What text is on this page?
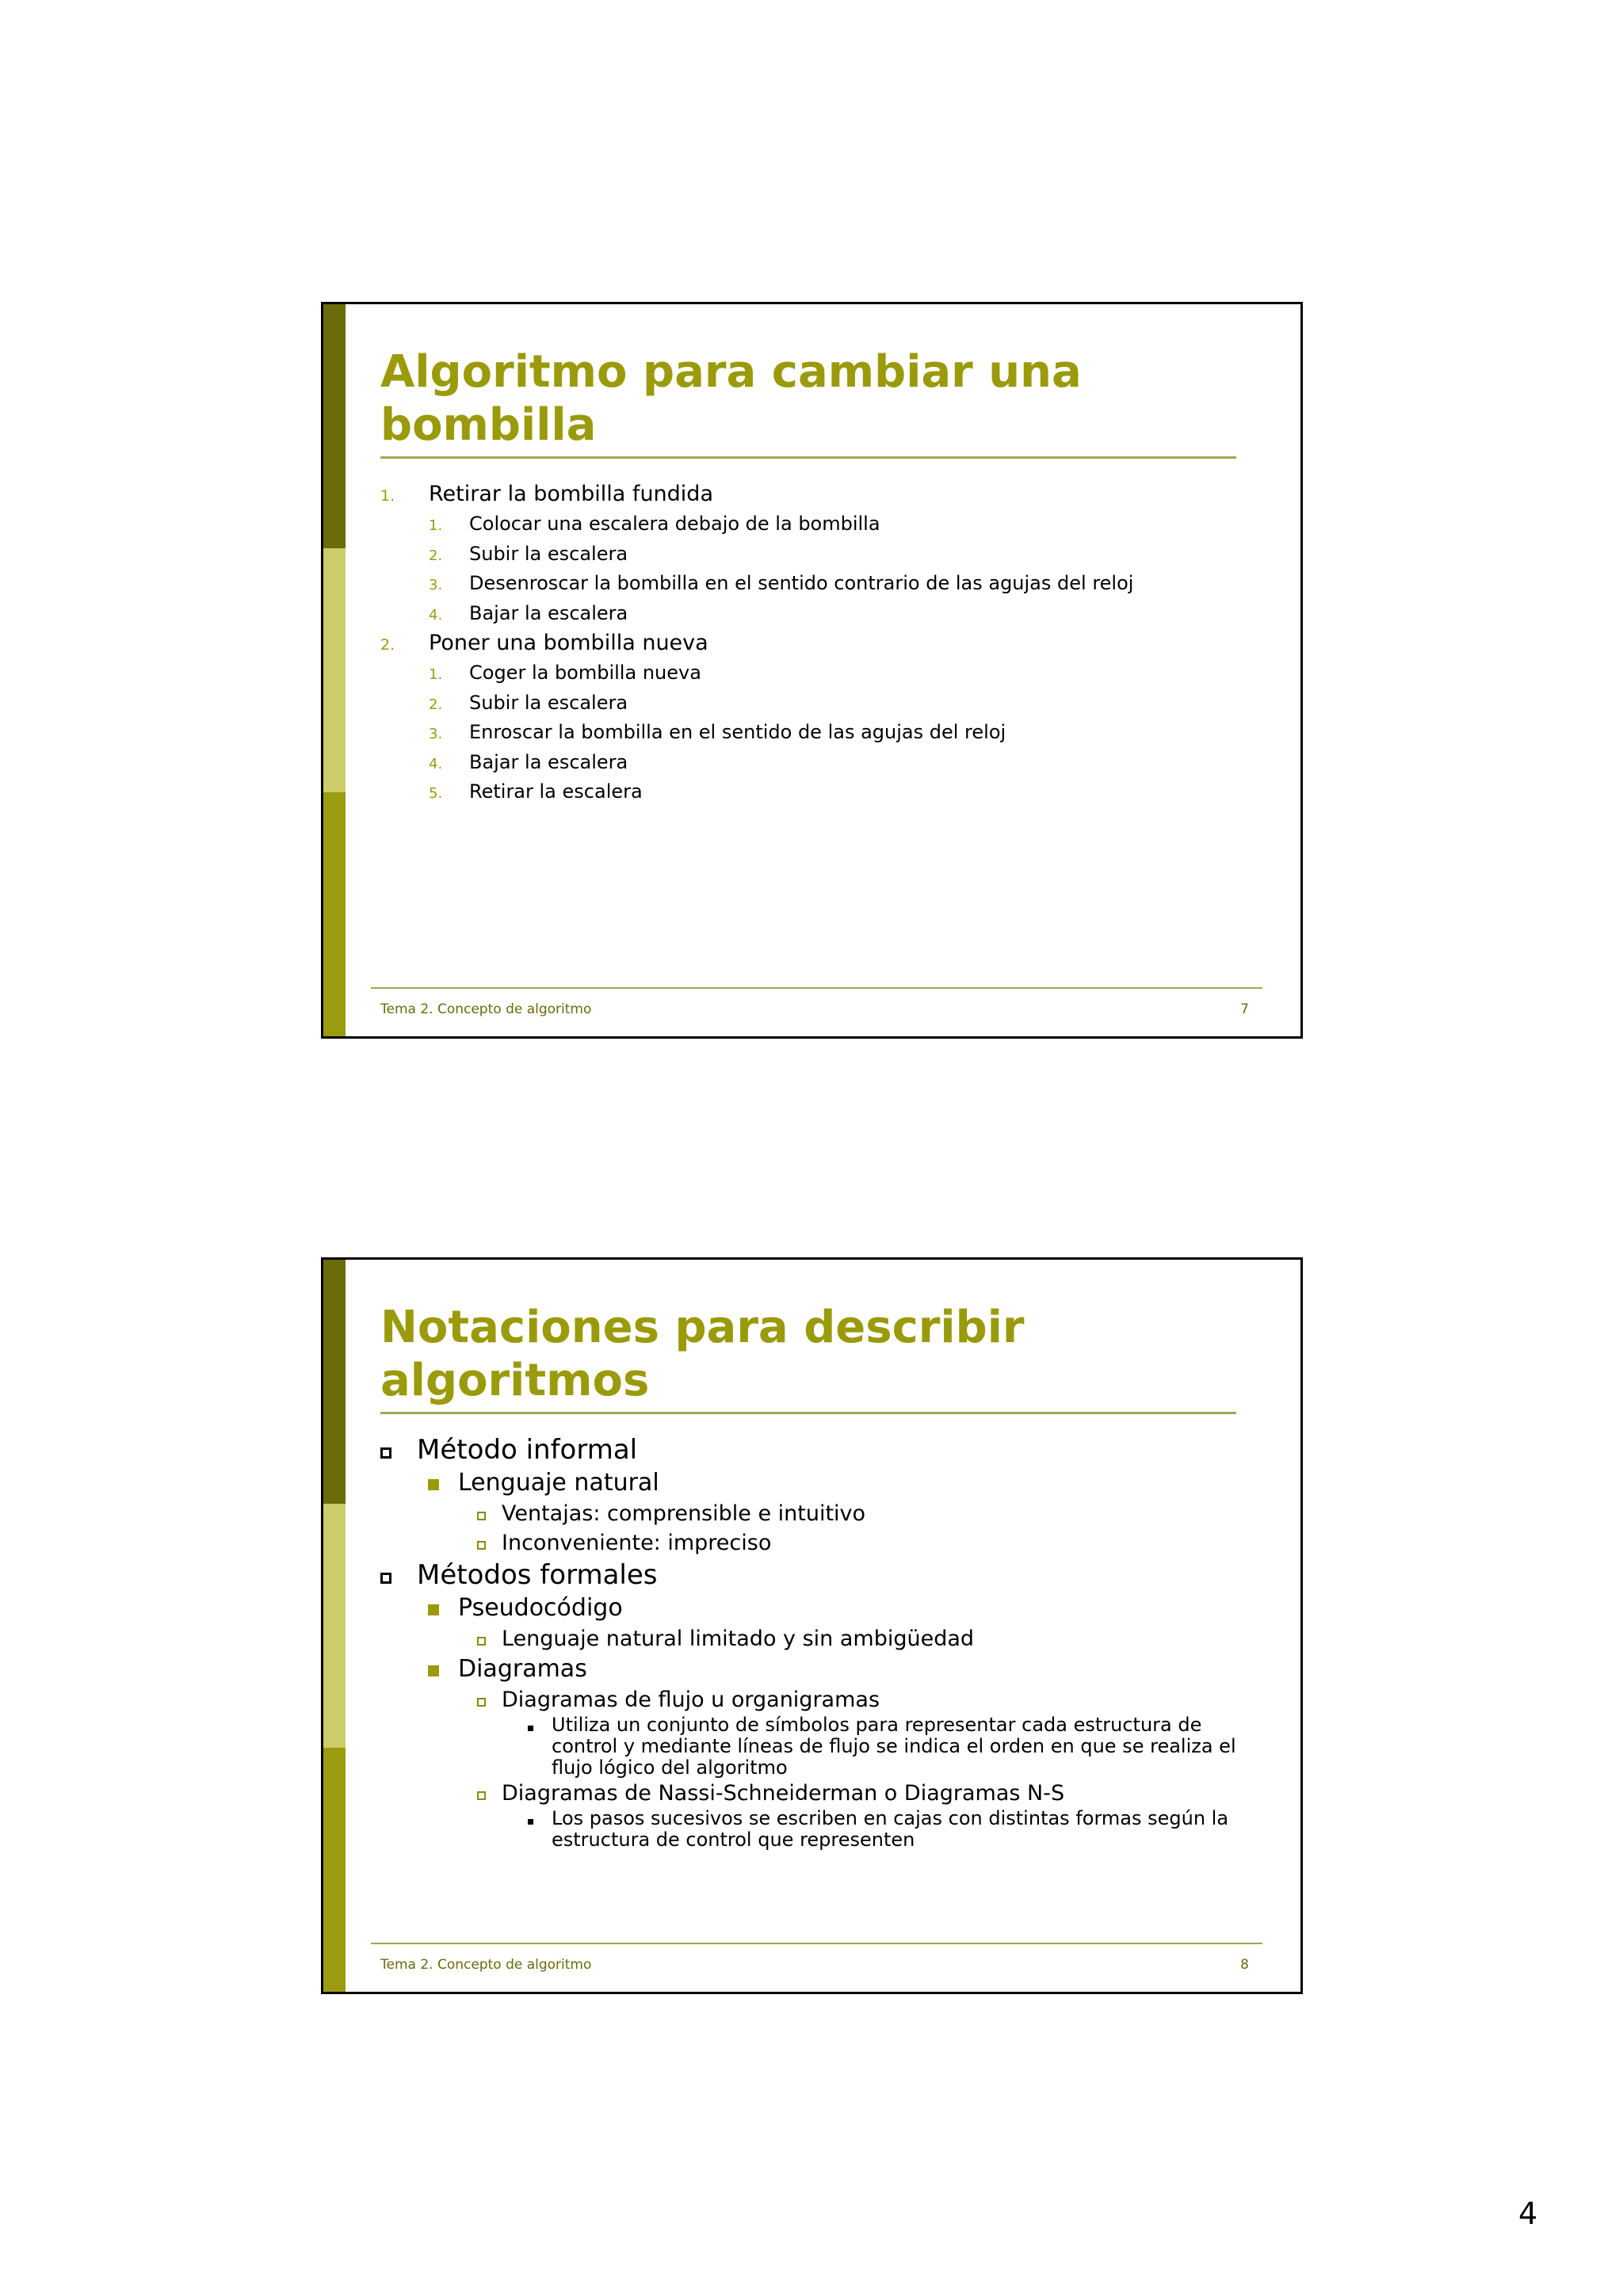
Algoritmo para cambiar una bombilla
1.	Retirar la bombilla fundida
1.	Colocar una escalera debajo de la bombilla
2.	Subir la escalera
3.	Desenroscar la bombilla en el sentido contrario de las agujas del reloj
4.	Bajar la escalera
2.	Poner una bombilla nueva
1.	Coger la bombilla nueva
2.	Subir la escalera
3.	Enroscar la bombilla en el sentido de las agujas del reloj
4.	Bajar la escalera
5.	Retirar la escalera
Tema 2. Concepto de algoritmo	7
Notaciones para describir algoritmos
Método informal
Lenguaje natural
Ventajas: comprensible e intuitivo
Inconveniente: impreciso
Métodos formales
Pseudocódigo
Lenguaje natural limitado y sin ambigüedad
Diagramas
Diagramas de flujo u organigramas
Utiliza un conjunto de símbolos para representar cada estructura de control y mediante líneas de flujo se indica el orden en que se realiza el flujo lógico del algoritmo
Diagramas de Nassi-Schneiderman o Diagramas N-S
Los pasos sucesivos se escriben en cajas con distintas formas según la estructura de control que representen
Tema 2. Concepto de algoritmo	8
4
